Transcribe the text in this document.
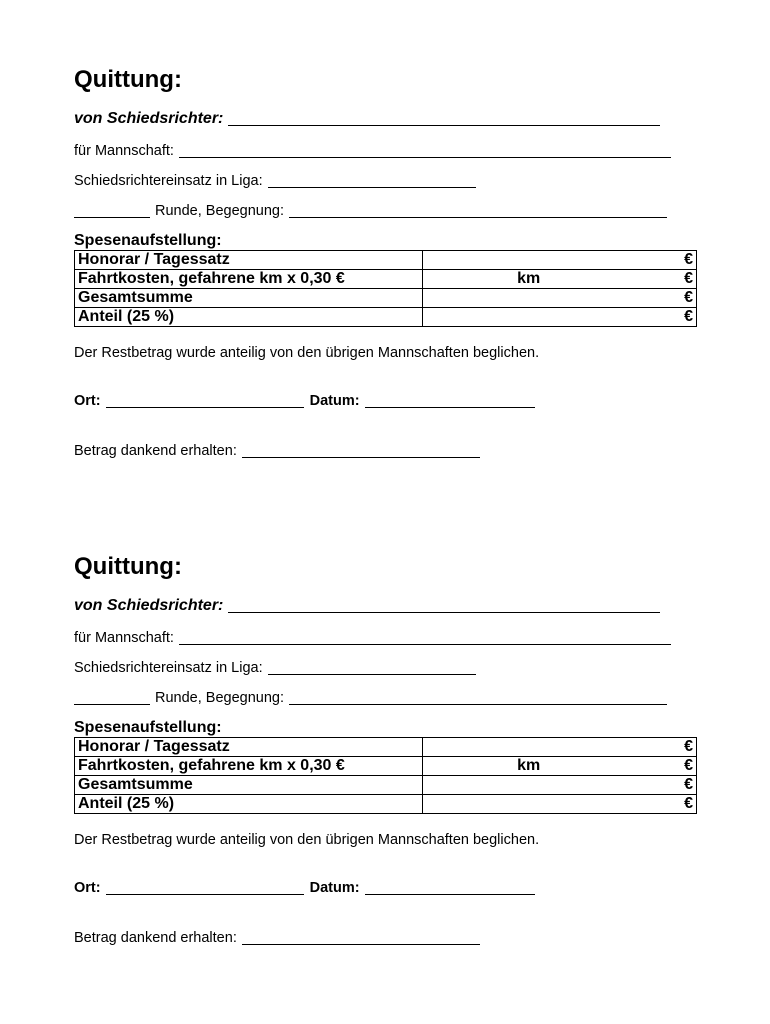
Quittung:
von Schiedsrichter:
für Mannschaft:
Schiedsrichtereinsatz in Liga:
Runde, Begegnung:
Spesenaufstellung:
Honorar / Tagessatz	€

Fahrtkosten, gefahrene km x 0,30 €	km €

Gesamtsumme	€

Anteil (25 %)	€
Der Restbetrag wurde anteilig von den übrigen Mannschaften beglichen.
Ort:	Datum:
Betrag dankend erhalten:
Quittung:
von Schiedsrichter:
für Mannschaft:
Schiedsrichtereinsatz in Liga:
Runde, Begegnung:
Spesenaufstellung:
Honorar / Tagessatz	€

Fahrtkosten, gefahrene km x 0,30 €	km €

Gesamtsumme	€

Anteil (25 %)	€
Der Restbetrag wurde anteilig von den übrigen Mannschaften beglichen.
Ort:	Datum:
Betrag dankend erhalten:
